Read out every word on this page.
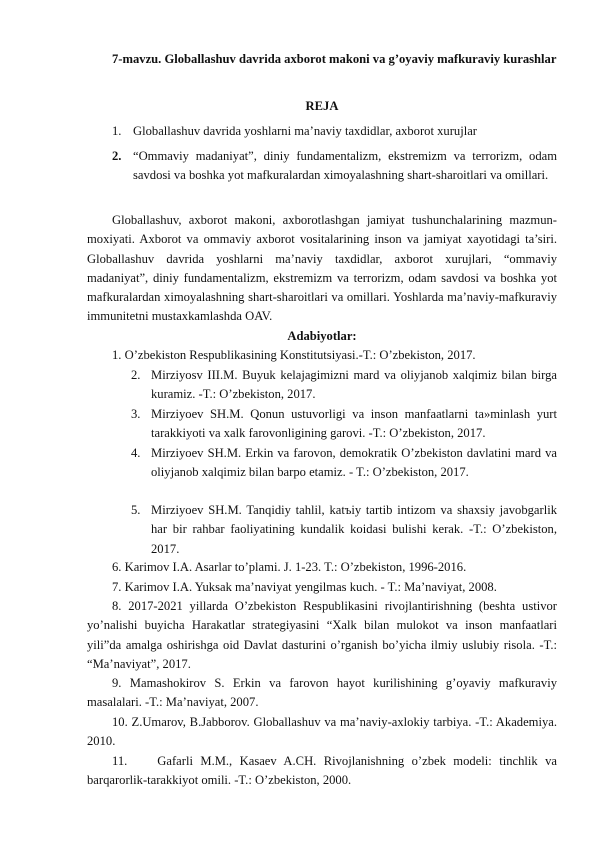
7-mavzu. Globallashuv davrida axborot makoni va g’oyaviy mafkuraviy kurashlar
REJA
1. Globallashuv davrida yoshlarni ma’naviy taxdidlar, axborot xurujlar
2. “Ommaviy madaniyat”, diniy fundamentalizm, ekstremizm va terrorizm, odam savdosi va boshka yot mafkuralardan ximoyalashning shart-sharoitlari va omillari.
Globallashuv, axborot makoni, axborotlashgan jamiyat tushunchalarining mazmun-moxiyati. Axborot va ommaviy axborot vositalarining inson va jamiyat xayotidagi ta’siri. Globallashuv davrida yoshlarni ma’naviy taxdidlar, axborot xurujlari, “ommaviy madaniyat”, diniy fundamentalizm, ekstremizm va terrorizm, odam savdosi va boshka yot mafkuralardan ximoyalashning shart-sharoitlari va omillari. Yoshlarda ma’naviy-mafkuraviy immunitetni mustaxkamlashda OAV.
Adabiyotlar:
1. O’zbekiston Respublikasining Konstitutsiyasi.-T.: O’zbekiston, 2017.
2. Mirziyosv III.M. Buyuk kelajagimizni mard va oliyjanob xalqimiz bilan birga kuramiz. -T.: O’zbekiston, 2017.
3. Mirziyoev SH.M. Qonun ustuvorligi va inson manfaatlarni ta»minlash yurt tarakkiyoti va xalk farovonligining garovi. -T.: O’zbekiston, 2017.
4. Mirziyoev SH.M. Erkin va farovon, demokratik O’zbekiston davlatini mard va oliyjanob xalqimiz bilan barpo etamiz. - T.: O’zbekiston, 2017.
5. Mirziyoev SH.M. Tanqidiy tahlil, katъiy tartib intizom va shaxsiy javobgarlik har bir rahbar faoliyatining kundalik koidasi bulishi kerak. -T.: O’zbekiston, 2017.
6. Karimov I.A. Asarlar to’plami. J. 1-23. T.: O’zbekiston, 1996-2016.
7. Karimov I.A. Yuksak ma’naviyat yengilmas kuch. - T.: Ma’naviyat, 2008.
8. 2017-2021 yillarda O’zbekiston Respublikasini rivojlantirishning (beshta ustivor yo’nalishi buyicha Harakatlar strategiyasini “Xalk bilan mulokot va inson manfaatlari yili”da amalga oshirishga oid Davlat dasturini o’rganish bo’yicha ilmiy uslubiy risola. -T.: “Ma’naviyat”, 2017.
9. Mamashokirov S. Erkin va farovon hayot kurilishining g’oyaviy mafkuraviy masalalari. -T.: Ma’naviyat, 2007.
10. Z.Umarov, B.Jabborov. Globallashuv va ma’naviy-axlokiy tarbiya. -T.: Akademiya. 2010.
11. Gafarli M.M., Kasaev A.CH. Rivojlanishning o’zbek modeli: tinchlik va barqarorlik-tarakkiyot omili. -T.: O’zbekiston, 2000.
